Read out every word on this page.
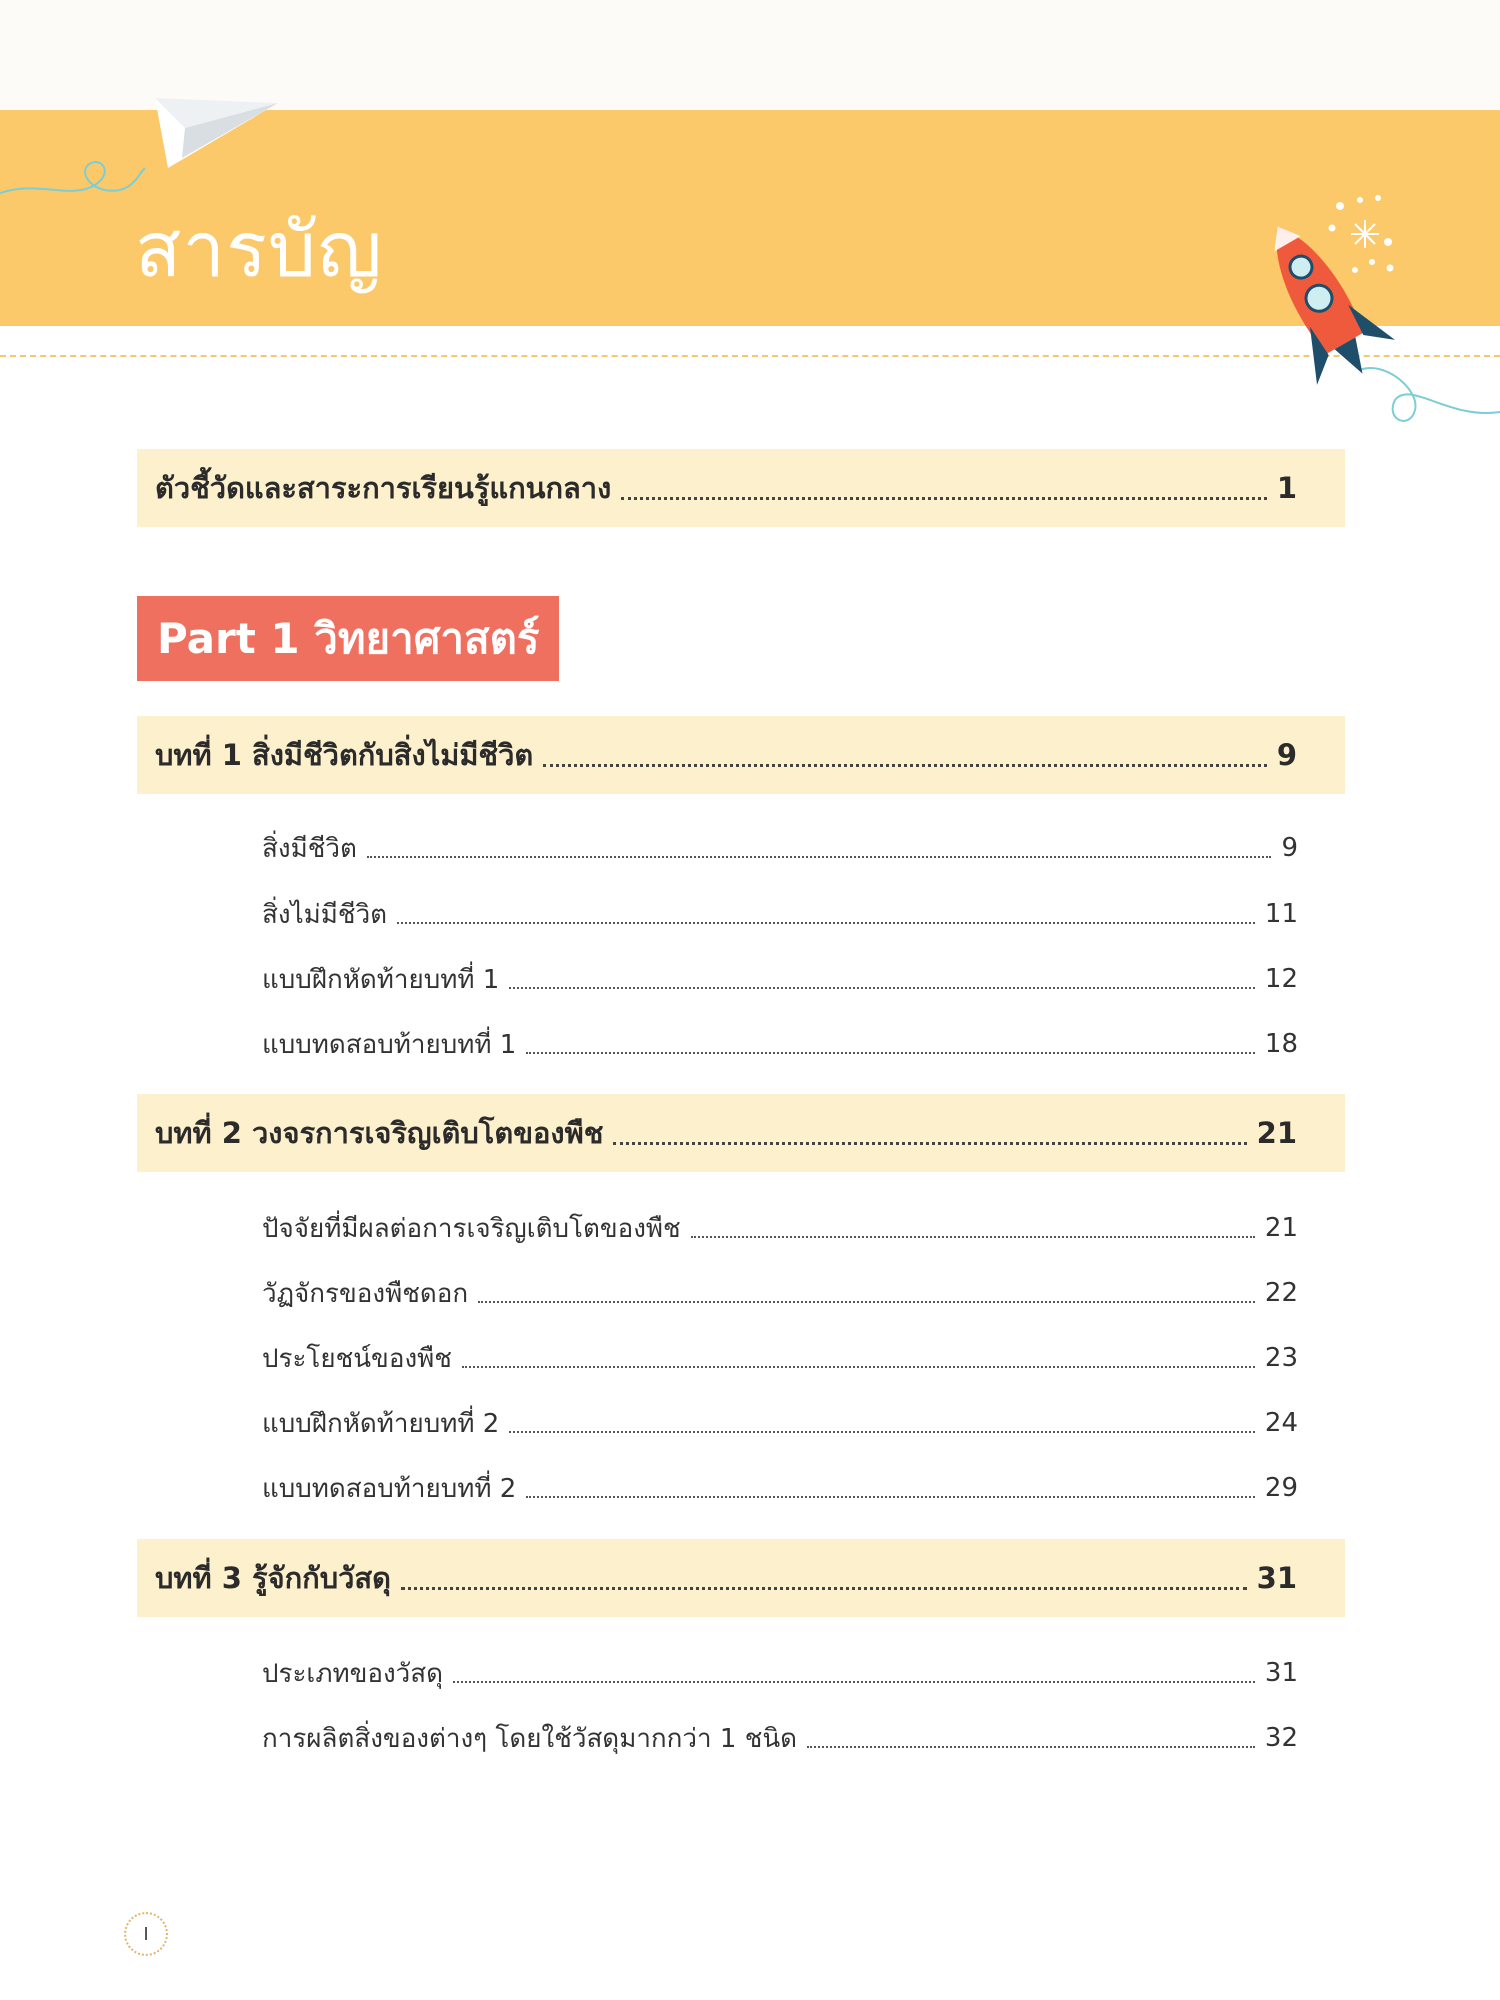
สารบัญ
ตัวชี้วัดและสาระการเรียนรู้แกนกลาง	1
Part 1 วิทยาศาสตร์
บทที่ 1 สิ่งมีชีวิตกับสิ่งไม่มีชีวิต	9
สิ่งมีชีวิต	9
สิ่งไม่มีชีวิต	11
แบบฝึกหัดท้ายบทที่ 1	12
แบบทดสอบท้ายบทที่ 1	18
บทที่ 2 วงจรการเจริญเติบโตของพืช	21
ปัจจัยที่มีผลต่อการเจริญเติบโตของพืช	21
วัฏจักรของพืชดอก	22
ประโยชน์ของพืช	23
แบบฝึกหัดท้ายบทที่ 2	24
แบบทดสอบท้ายบทที่ 2	29
บทที่ 3 รู้จักกับวัสดุ	31
ประเภทของวัสดุ	31
การผลิตสิ่งของต่างๆ โดยใช้วัสดุมากกว่า 1 ชนิด	32
I
